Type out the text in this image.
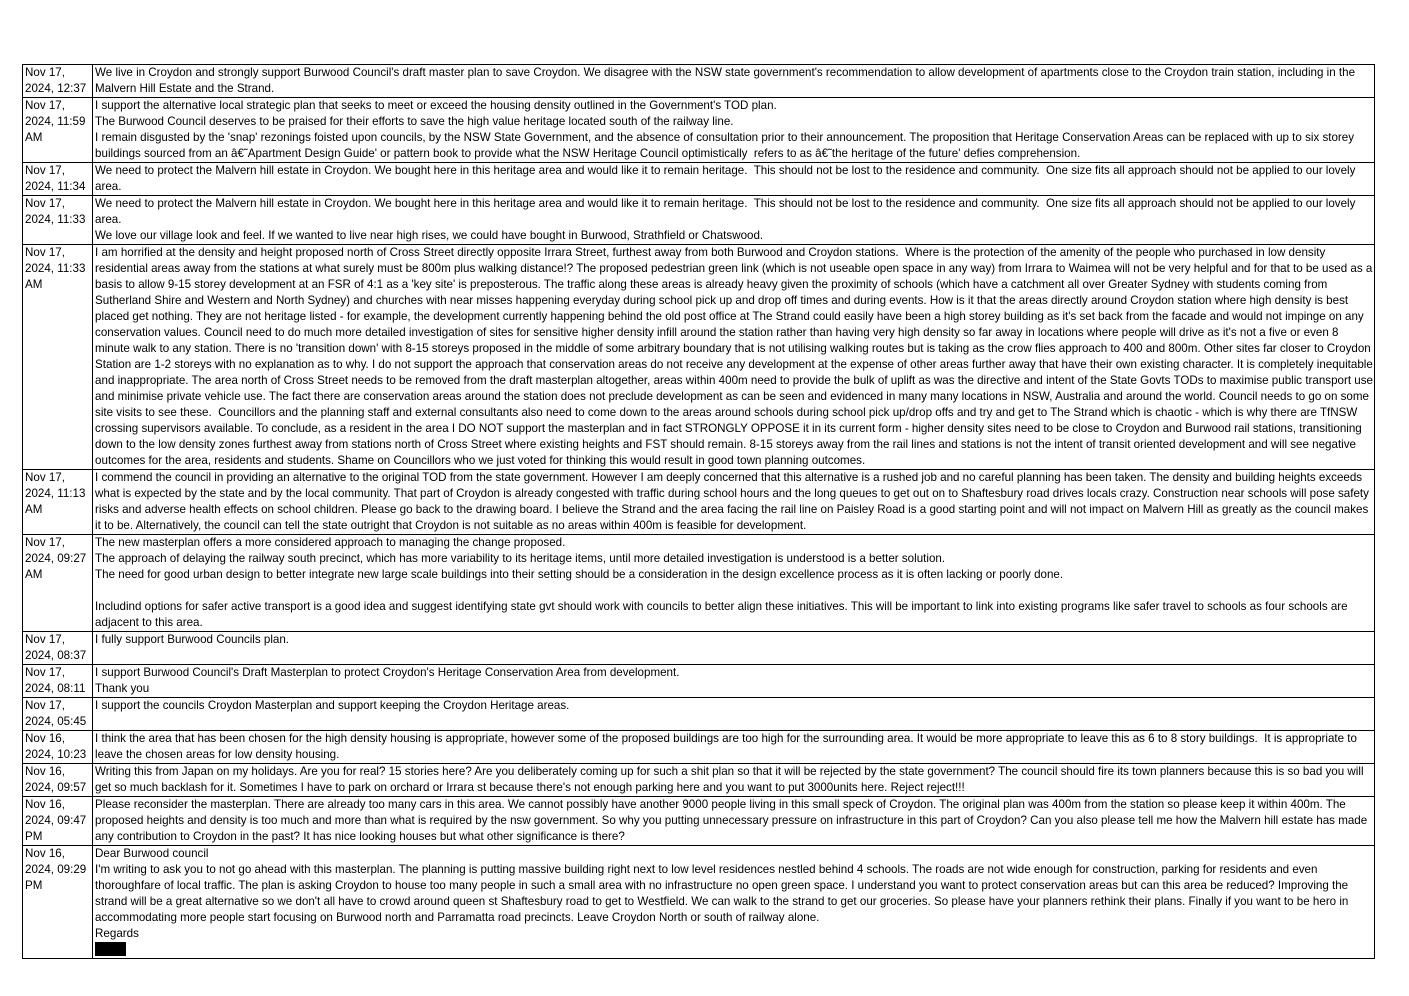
Nov 17, 2024, 12:37	We live in Croydon and strongly support Burwood Council's draft master plan to save Croydon. We disagree with the NSW state government's recommendation to allow development of apartments close to the Croydon train station, including in the Malvern Hill Estate and the Strand.

Nov 17, 2024, 11:59 AM	I support the alternative local strategic plan that seeks to meet or exceed the housing density outlined in the Government's TOD plan.
The Burwood Council deserves to be praised for their efforts to save the high value heritage located south of the railway line.
I remain disgusted by the 'snap' rezonings foisted upon councils, by the NSW State Government, and the absence of consultation prior to their announcement. The proposition that Heritage Conservation Areas can be replaced with up to six storey buildings sourced from an â€˜Apartment Design Guide' or pattern book to provide what the NSW Heritage Council optimistically  refers to as â€˜the heritage of the future' defies comprehension.

Nov 17, 2024, 11:34	We need to protect the Malvern hill estate in Croydon. We bought here in this heritage area and would like it to remain heritage.  This should not be lost to the residence and community.  One size fits all approach should not be applied to our lovely area.

Nov 17, 2024, 11:33	We need to protect the Malvern hill estate in Croydon. We bought here in this heritage area and would like it to remain heritage.  This should not be lost to the residence and community.  One size fits all approach should not be applied to our lovely area.
We love our village look and feel. If we wanted to live near high rises, we could have bought in Burwood, Strathfield or Chatswood.

Nov 17, 2024, 11:33 AM	I am horrified at the density and height proposed north of Cross Street directly opposite Irrara Street, furthest away from both Burwood and Croydon stations.  Where is the protection of the amenity of the people who purchased in low density residential areas away from the stations at what surely must be 800m plus walking distance!? The proposed pedestrian green link (which is not useable open space in any way) from Irrara to Waimea will not be very helpful and for that to be used as a basis to allow 9-15 storey development at an FSR of 4:1 as a 'key site' is preposterous. The traffic along these areas is already heavy given the proximity of schools (which have a catchment all over Greater Sydney with students coming from Sutherland Shire and Western and North Sydney) and churches with near misses happening everyday during school pick up and drop off times and during events. How is it that the areas directly around Croydon station where high density is best placed get nothing. They are not heritage listed - for example, the development currently happening behind the old post office at The Strand could easily have been a high storey building as it's set back from the facade and would not impinge on any conservation values. Council need to do much more detailed investigation of sites for sensitive higher density infill around the station rather than having very high density so far away in locations where people will drive as it's not a five or even 8 minute walk to any station. There is no 'transition down' with 8-15 storeys proposed in the middle of some arbitrary boundary that is not utilising walking routes but is taking as the crow flies approach to 400 and 800m. Other sites far closer to Croydon Station are 1-2 storeys with no explanation as to why. I do not support the approach that conservation areas do not receive any development at the expense of other areas further away that have their own existing character. It is completely inequitable and inappropriate. The area north of Cross Street needs to be removed from the draft masterplan altogether, areas within 400m need to provide the bulk of uplift as was the directive and intent of the State Govts TODs to maximise public transport use and minimise private vehicle use. The fact there are conservation areas around the station does not preclude development as can be seen and evidenced in many many locations in NSW, Australia and around the world. Council needs to go on some site visits to see these.  Councillors and the planning staff and external consultants also need to come down to the areas around schools during school pick up/drop offs and try and get to The Strand which is chaotic - which is why there are TfNSW crossing supervisors available. To conclude, as a resident in the area I DO NOT support the masterplan and in fact STRONGLY OPPOSE it in its current form - higher density sites need to be close to Croydon and Burwood rail stations, transitioning down to the low density zones furthest away from stations north of Cross Street where existing heights and FST should remain. 8-15 storeys away from the rail lines and stations is not the intent of transit oriented development and will see negative outcomes for the area, residents and students. Shame on Councillors who we just voted for thinking this would result in good town planning outcomes.

Nov 17, 2024, 11:13 AM	I commend the council in providing an alternative to the original TOD from the state government. However I am deeply concerned that this alternative is a rushed job and no careful planning has been taken. The density and building heights exceeds what is expected by the state and by the local community. That part of Croydon is already congested with traffic during school hours and the long queues to get out on to Shaftesbury road drives locals crazy. Construction near schools will pose safety risks and adverse health effects on school children. Please go back to the drawing board. I believe the Strand and the area facing the rail line on Paisley Road is a good starting point and will not impact on Malvern Hill as greatly as the council makes it to be. Alternatively, the council can tell the state outright that Croydon is not suitable as no areas within 400m is feasible for development.

Nov 17, 2024, 09:27 AM	The new masterplan offers a more considered approach to managing the change proposed.
The approach of delaying the railway south precinct, which has more variability to its heritage items, until more detailed investigation is understood is a better solution.
The need for good urban design to better integrate new large scale buildings into their setting should be a consideration in the design excellence process as it is often lacking or poorly done.
Includind options for safer active transport is a good idea and suggest identifying state gvt should work with councils to better align these initiatives. This will be important to link into existing programs like safer travel to schools as four schools are adjacent to this area.

Nov 17, 2024, 08:37	I fully support Burwood Councils plan.

Nov 17, 2024, 08:11	I support Burwood Council's Draft Masterplan to protect Croydon's Heritage Conservation Area from development.
Thank you

Nov 17, 2024, 05:45	I support the councils Croydon Masterplan and support keeping the Croydon Heritage areas.

Nov 16, 2024, 10:23	I think the area that has been chosen for the high density housing is appropriate, however some of the proposed buildings are too high for the surrounding area. It would be more appropriate to leave this as 6 to 8 story buildings.  It is appropriate to leave the chosen areas for low density housing.

Nov 16, 2024, 09:57	Writing this from Japan on my holidays. Are you for real? 15 stories here? Are you deliberately coming up for such a shit plan so that it will be rejected by the state government? The council should fire its town planners because this is so bad you will get so much backlash for it. Sometimes I have to park on orchard or Irrara st because there's not enough parking here and you want to put 3000units here. Reject reject!!!

Nov 16, 2024, 09:47 PM	Please reconsider the masterplan. There are already too many cars in this area. We cannot possibly have another 9000 people living in this small speck of Croydon. The original plan was 400m from the station so please keep it within 400m. The proposed heights and density is too much and more than what is required by the nsw government. So why you putting unnecessary pressure on infrastructure in this part of Croydon? Can you also please tell me how the Malvern hill estate has made any contribution to Croydon in the past? It has nice looking houses but what other significance is there?

Nov 16, 2024, 09:29 PM	Dear Burwood council
I'm writing to ask you to not go ahead with this masterplan. The planning is putting massive building right next to low level residences nestled behind 4 schools. The roads are not wide enough for construction, parking for residents and even thoroughfare of local traffic. The plan is asking Croydon to house too many people in such a small area with no infrastructure no open green space. I understand you want to protect conservation areas but can this area be reduced? Improving the strand will be a great alternative so we don't all have to crowd around queen st Shaftesbury road to get to Westfield. We can walk to the strand to get our groceries. So please have your planners rethink their plans. Finally if you want to be hero in accommodating more people start focusing on Burwood north and Parramatta road precincts. Leave Croydon North or south of railway alone.
Regards
